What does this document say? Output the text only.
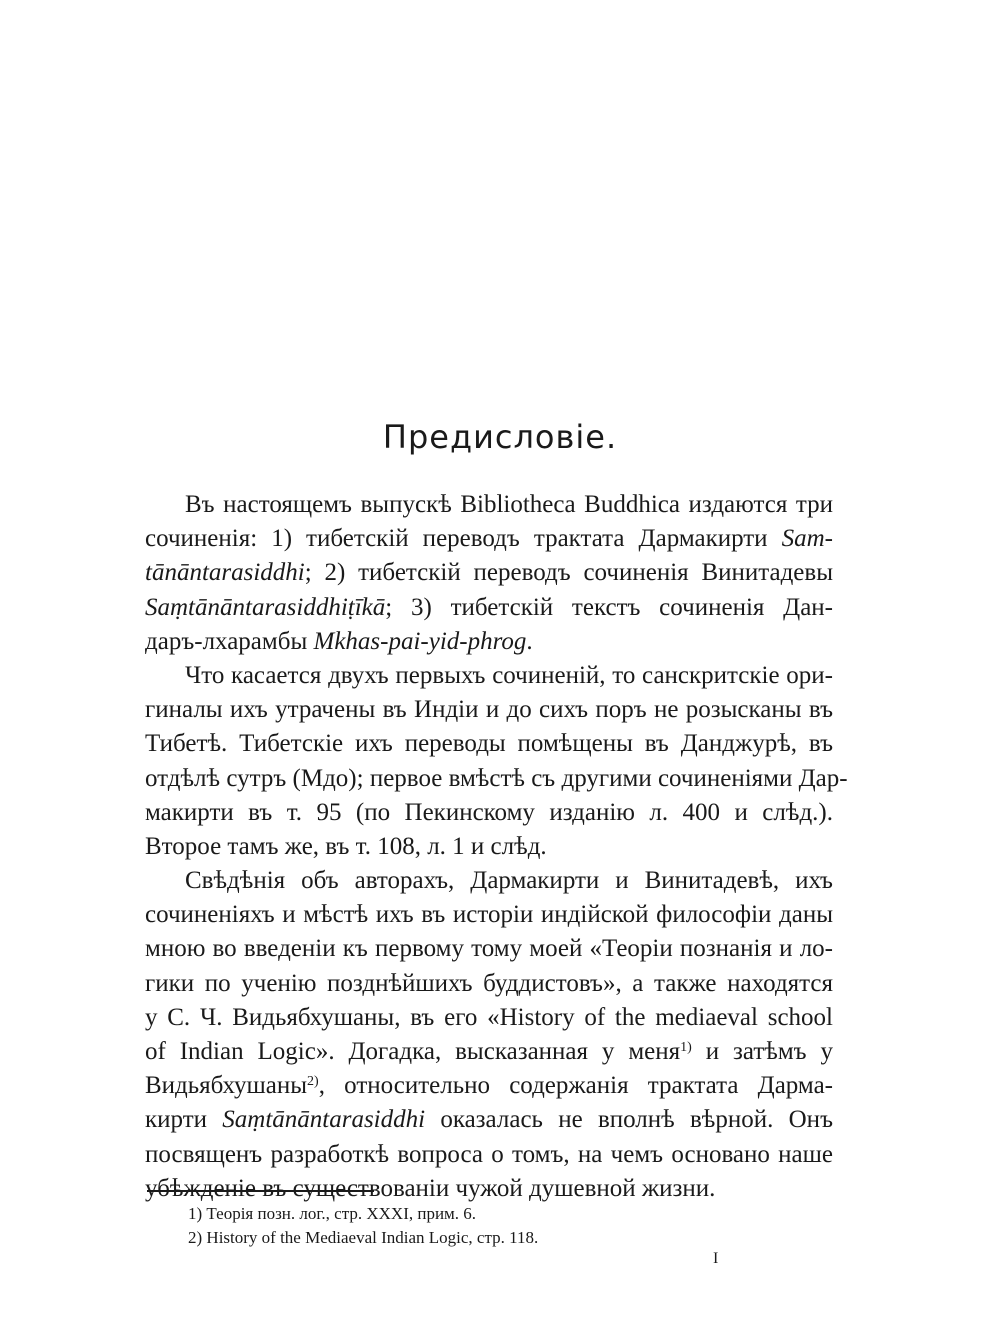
Предисловіе.
Въ настоящемъ выпускѣ Bibliotheca Buddhica издаются три
сочиненія: 1) тибетскій переводъ трактата Дармакирти Sam-
tānāntarasiddhi; 2) тибетскій переводъ сочиненія Винитадевы
Saṃtānāntarasiddhiṭīkā; 3) тибетскій текстъ сочиненія Дан-
даръ-лхарамбы Mkhas-pai-yid-phrog.
Что касается двухъ первыхъ сочиненій, то санскритскіе ори-
гиналы ихъ утрачены въ Индіи и до сихъ поръ не розысканы въ
Тибетѣ. Тибетскіе ихъ переводы помѣщены въ Данджурѣ, въ
отдѣлѣ сутръ (Мдо); первое вмѣстѣ съ другими сочиненіями Дар-
макирти въ т. 95 (по Пекинскому изданію л. 400 и слѣд.).
Второе тамъ же, въ т. 108, л. 1 и слѣд.
Свѣдѣнія объ авторахъ, Дармакирти и Винитадевѣ, ихъ
сочиненіяхъ и мѣстѣ ихъ въ исторіи индійской философіи даны
мною во введеніи къ первому тому моей «Теоріи познанія и ло-
гики по ученію позднѣйшихъ буддистовъ», а также находятся
у С. Ч. Видьябхушаны, въ его «History of the mediaeval school
of Indian Logic». Догадка, высказанная у меня$^{1)}$ и затѣмъ у
Видьябхушаны$^{2)}$, относительно содержанія трактата Дарма-
кирти Saṃtānāntarasiddhi оказалась не вполнѣ вѣрной. Онъ
посвященъ разработкѣ вопроса о томъ, на чемъ основано наше
убѣжденіе въ существованіи чужой душевной жизни.
1) Теорія позн. лог., стр. XXXI, прим. 6.
2) History of the Mediaeval Indian Logic, стр. 118.
I
